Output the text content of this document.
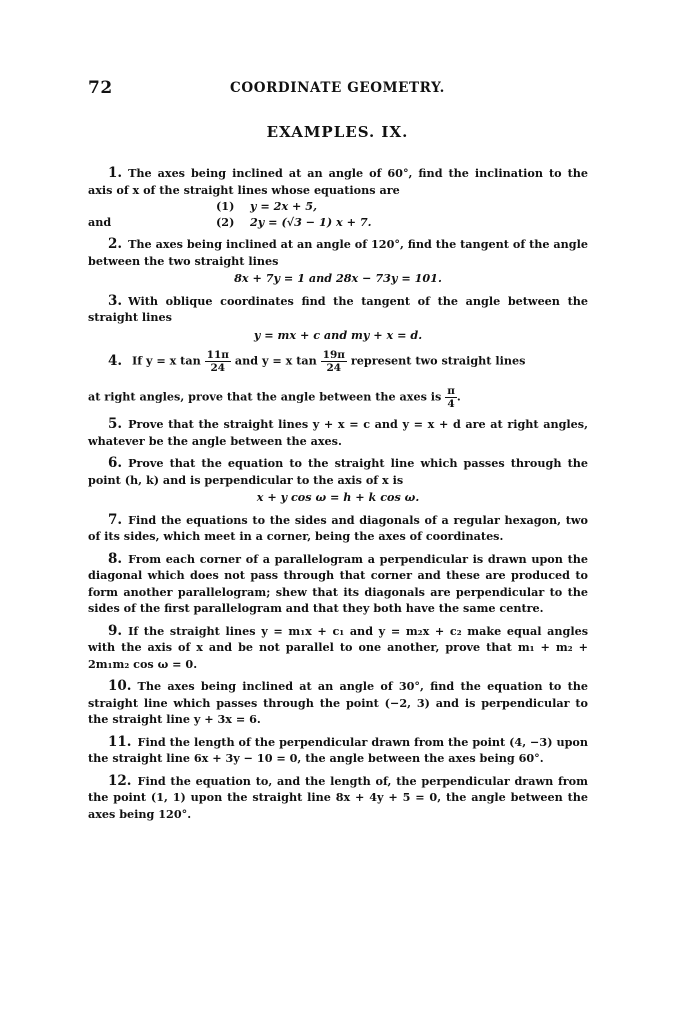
72	COORDINATE GEOMETRY.
EXAMPLES. IX.
1. The axes being inclined at an angle of 60°, find the inclination to the axis of x of the straight lines whose equations are
(1) y = 2x + 5,
and	(2) 2y = (√3 − 1) x + 7.
2. The axes being inclined at an angle of 120°, find the tangent of the angle between the two straight lines
8x + 7y = 1 and 28x − 73y = 101.
3. With oblique coordinates find the tangent of the angle between the straight lines
y = mx + c and my + x = d.
4. If y = x $\tan \frac{11\pi}{24}$ and y = x $\tan \frac{19\pi}{24}$ represent two straight lines
at right angles, prove that the angle between the axes is $\frac{\pi}{4}$ .
5. Prove that the straight lines y + x = c and y = x + d are at right angles, whatever be the angle between the axes.
6. Prove that the equation to the straight line which passes through the point (h, k) and is perpendicular to the axis of x is
x + y cos ω = h + k cos ω.
7. Find the equations to the sides and diagonals of a regular hexagon, two of its sides, which meet in a corner, being the axes of coordinates.
8. From each corner of a parallelogram a perpendicular is drawn upon the diagonal which does not pass through that corner and these are produced to form another parallelogram; shew that its diagonals are perpendicular to the sides of the first parallelogram and that they both have the same centre.
9. If the straight lines y = m₁x + c₁ and y = m₂x + c₂ make equal angles with the axis of x and be not parallel to one another, prove that m₁ + m₂ + 2m₁m₂ cos ω = 0.
10. The axes being inclined at an angle of 30°, find the equation to the straight line which passes through the point (−2, 3) and is perpendicular to the straight line y + 3x = 6.
11. Find the length of the perpendicular drawn from the point (4, −3) upon the straight line 6x + 3y − 10 = 0, the angle between the axes being 60°.
12. Find the equation to, and the length of, the perpendicular drawn from the point (1, 1) upon the straight line 8x + 4y + 5 = 0, the angle between the axes being 120°.
